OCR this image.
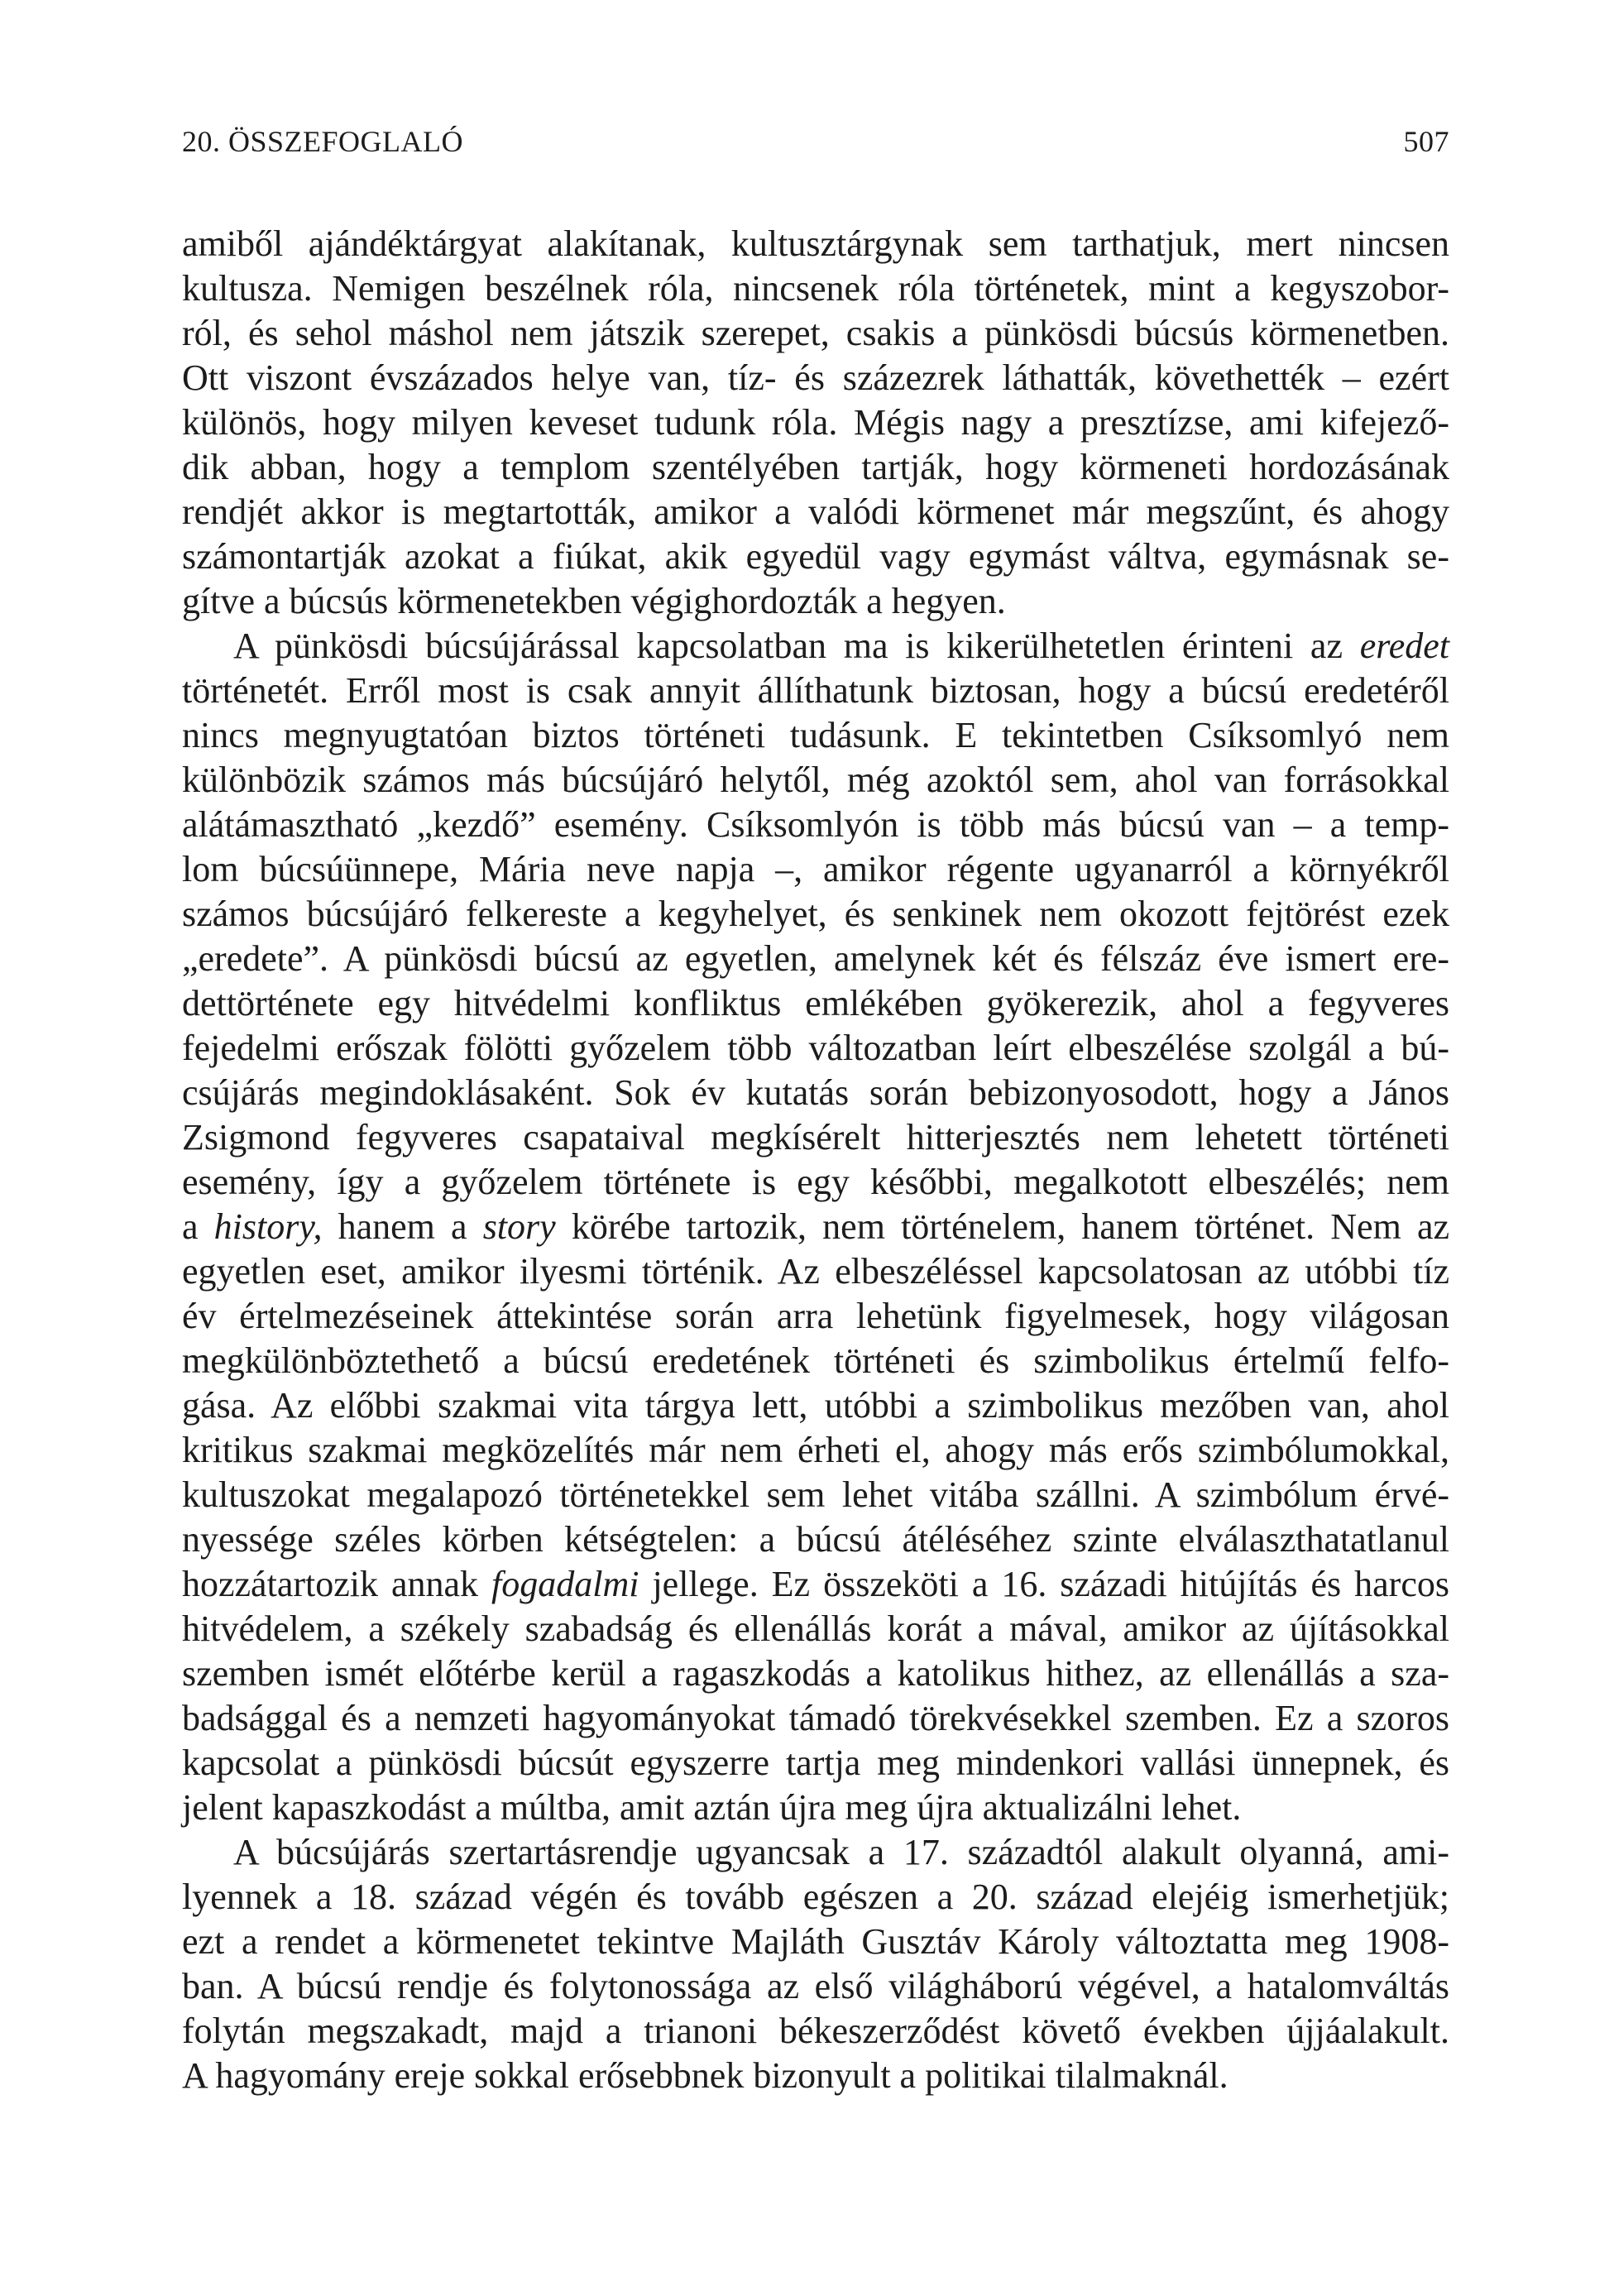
20. ÖSSZEFOGLALÓ	507
amiből ajándéktárgyat alakítanak, kultusztárgynak sem tarthatjuk, mert nincsen
kultusza. Nemigen beszélnek róla, nincsenek róla történetek, mint a kegyszobor-
ról, és sehol máshol nem játszik szerepet, csakis a pünkösdi búcsús körmenetben.
Ott viszont évszázados helye van, tíz- és százezrek láthatták, követhették – ezért
különös, hogy milyen keveset tudunk róla. Mégis nagy a presztízse, ami kifejező-
dik abban, hogy a templom szentélyében tartják, hogy körmeneti hordozásának
rendjét akkor is megtartották, amikor a valódi körmenet már megszűnt, és ahogy
számontartják azokat a fiúkat, akik egyedül vagy egymást váltva, egymásnak se-
gítve a búcsús körmenetekben végighordozták a hegyen.
A pünkösdi búcsújárással kapcsolatban ma is kikerülhetetlen érinteni az eredet
történetét. Erről most is csak annyit állíthatunk biztosan, hogy a búcsú eredetéről
nincs megnyugtatóan biztos történeti tudásunk. E tekintetben Csíksomlyó nem
különbözik számos más búcsújáró helytől, még azoktól sem, ahol van forrásokkal
alátámasztható „kezdő” esemény. Csíksomlyón is több más búcsú van – a temp-
lom búcsúünnepe, Mária neve napja –, amikor régente ugyanarról a környékről
számos búcsújáró felkereste a kegyhelyet, és senkinek nem okozott fejtörést ezek
„eredete”. A pünkösdi búcsú az egyetlen, amelynek két és félszáz éve ismert ere-
dettörténete egy hitvédelmi konfliktus emlékében gyökerezik, ahol a fegyveres
fejedelmi erőszak fölötti győzelem több változatban leírt elbeszélése szolgál a bú-
csújárás megindoklásaként. Sok év kutatás során bebizonyosodott, hogy a János
Zsigmond fegyveres csapataival megkísérelt hitterjesztés nem lehetett történeti
esemény, így a győzelem története is egy későbbi, megalkotott elbeszélés; nem
a history, hanem a story körébe tartozik, nem történelem, hanem történet. Nem az
egyetlen eset, amikor ilyesmi történik. Az elbeszéléssel kapcsolatosan az utóbbi tíz
év értelmezéseinek áttekintése során arra lehetünk figyelmesek, hogy világosan
megkülönböztethető a búcsú eredetének történeti és szimbolikus értelmű felfo-
gása. Az előbbi szakmai vita tárgya lett, utóbbi a szimbolikus mezőben van, ahol
kritikus szakmai megközelítés már nem érheti el, ahogy más erős szimbólumokkal,
kultuszokat megalapozó történetekkel sem lehet vitába szállni. A szimbólum érvé-
nyessége széles körben kétségtelen: a búcsú átéléséhez szinte elválaszthatatlanul
hozzátartozik annak fogadalmi jellege. Ez összeköti a 16. századi hitújítás és harcos
hitvédelem, a székely szabadság és ellenállás korát a mával, amikor az újításokkal
szemben ismét előtérbe kerül a ragaszkodás a katolikus hithez, az ellenállás a sza-
badsággal és a nemzeti hagyományokat támadó törekvésekkel szemben. Ez a szoros
kapcsolat a pünkösdi búcsút egyszerre tartja meg mindenkori vallási ünnepnek, és
jelent kapaszkodást a múltba, amit aztán újra meg újra aktualizálni lehet.
A búcsújárás szertartásrendje ugyancsak a 17. századtól alakult olyanná, ami-
lyennek a 18. század végén és tovább egészen a 20. század elejéig ismerhetjük;
ezt a rendet a körmenetet tekintve Majláth Gusztáv Károly változtatta meg 1908-
ban. A búcsú rendje és folytonossága az első világháború végével, a hatalomváltás
folytán megszakadt, majd a trianoni békeszerződést követő években újjáalakult.
A hagyomány ereje sokkal erősebbnek bizonyult a politikai tilalmaknál.
